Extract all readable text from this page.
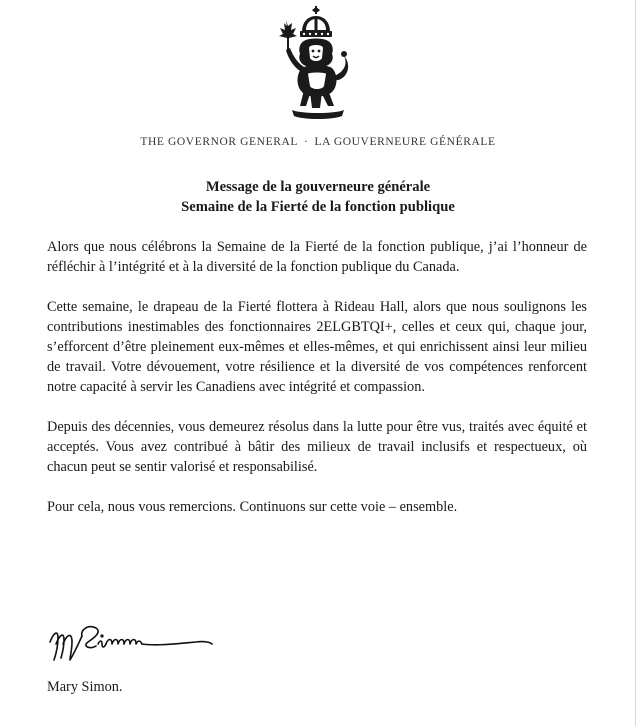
THE GOVERNOR GENERAL · LA GOUVERNEURE GÉNÉRALE
Message de la gouverneure générale
Semaine de la Fierté de la fonction publique

Alors que nous célébrons la Semaine de la Fierté de la fonction publique, j’ai l’honneur de réfléchir à l’intégrité et à la diversité de la fonction publique du Canada.

Cette semaine, le drapeau de la Fierté flottera à Rideau Hall, alors que nous soulignons les contributions inestimables des fonctionnaires 2ELGBTQI+, celles et ceux qui, chaque jour, s’efforcent d’être pleinement eux-mêmes et elles-mêmes, et qui enrichissent ainsi leur milieu de travail. Votre dévouement, votre résilience et la diversité de vos compétences renforcent notre capacité à servir les Canadiens avec intégrité et compassion.

Depuis des décennies, vous demeurez résolus dans la lutte pour être vus, traités avec équité et acceptés. Vous avez contribué à bâtir des milieux de travail inclusifs et respectueux, où chacun peut se sentir valorisé et responsabilisé.

Pour cela, nous vous remercions. Continuons sur cette voie – ensemble.

Mary Simon.
